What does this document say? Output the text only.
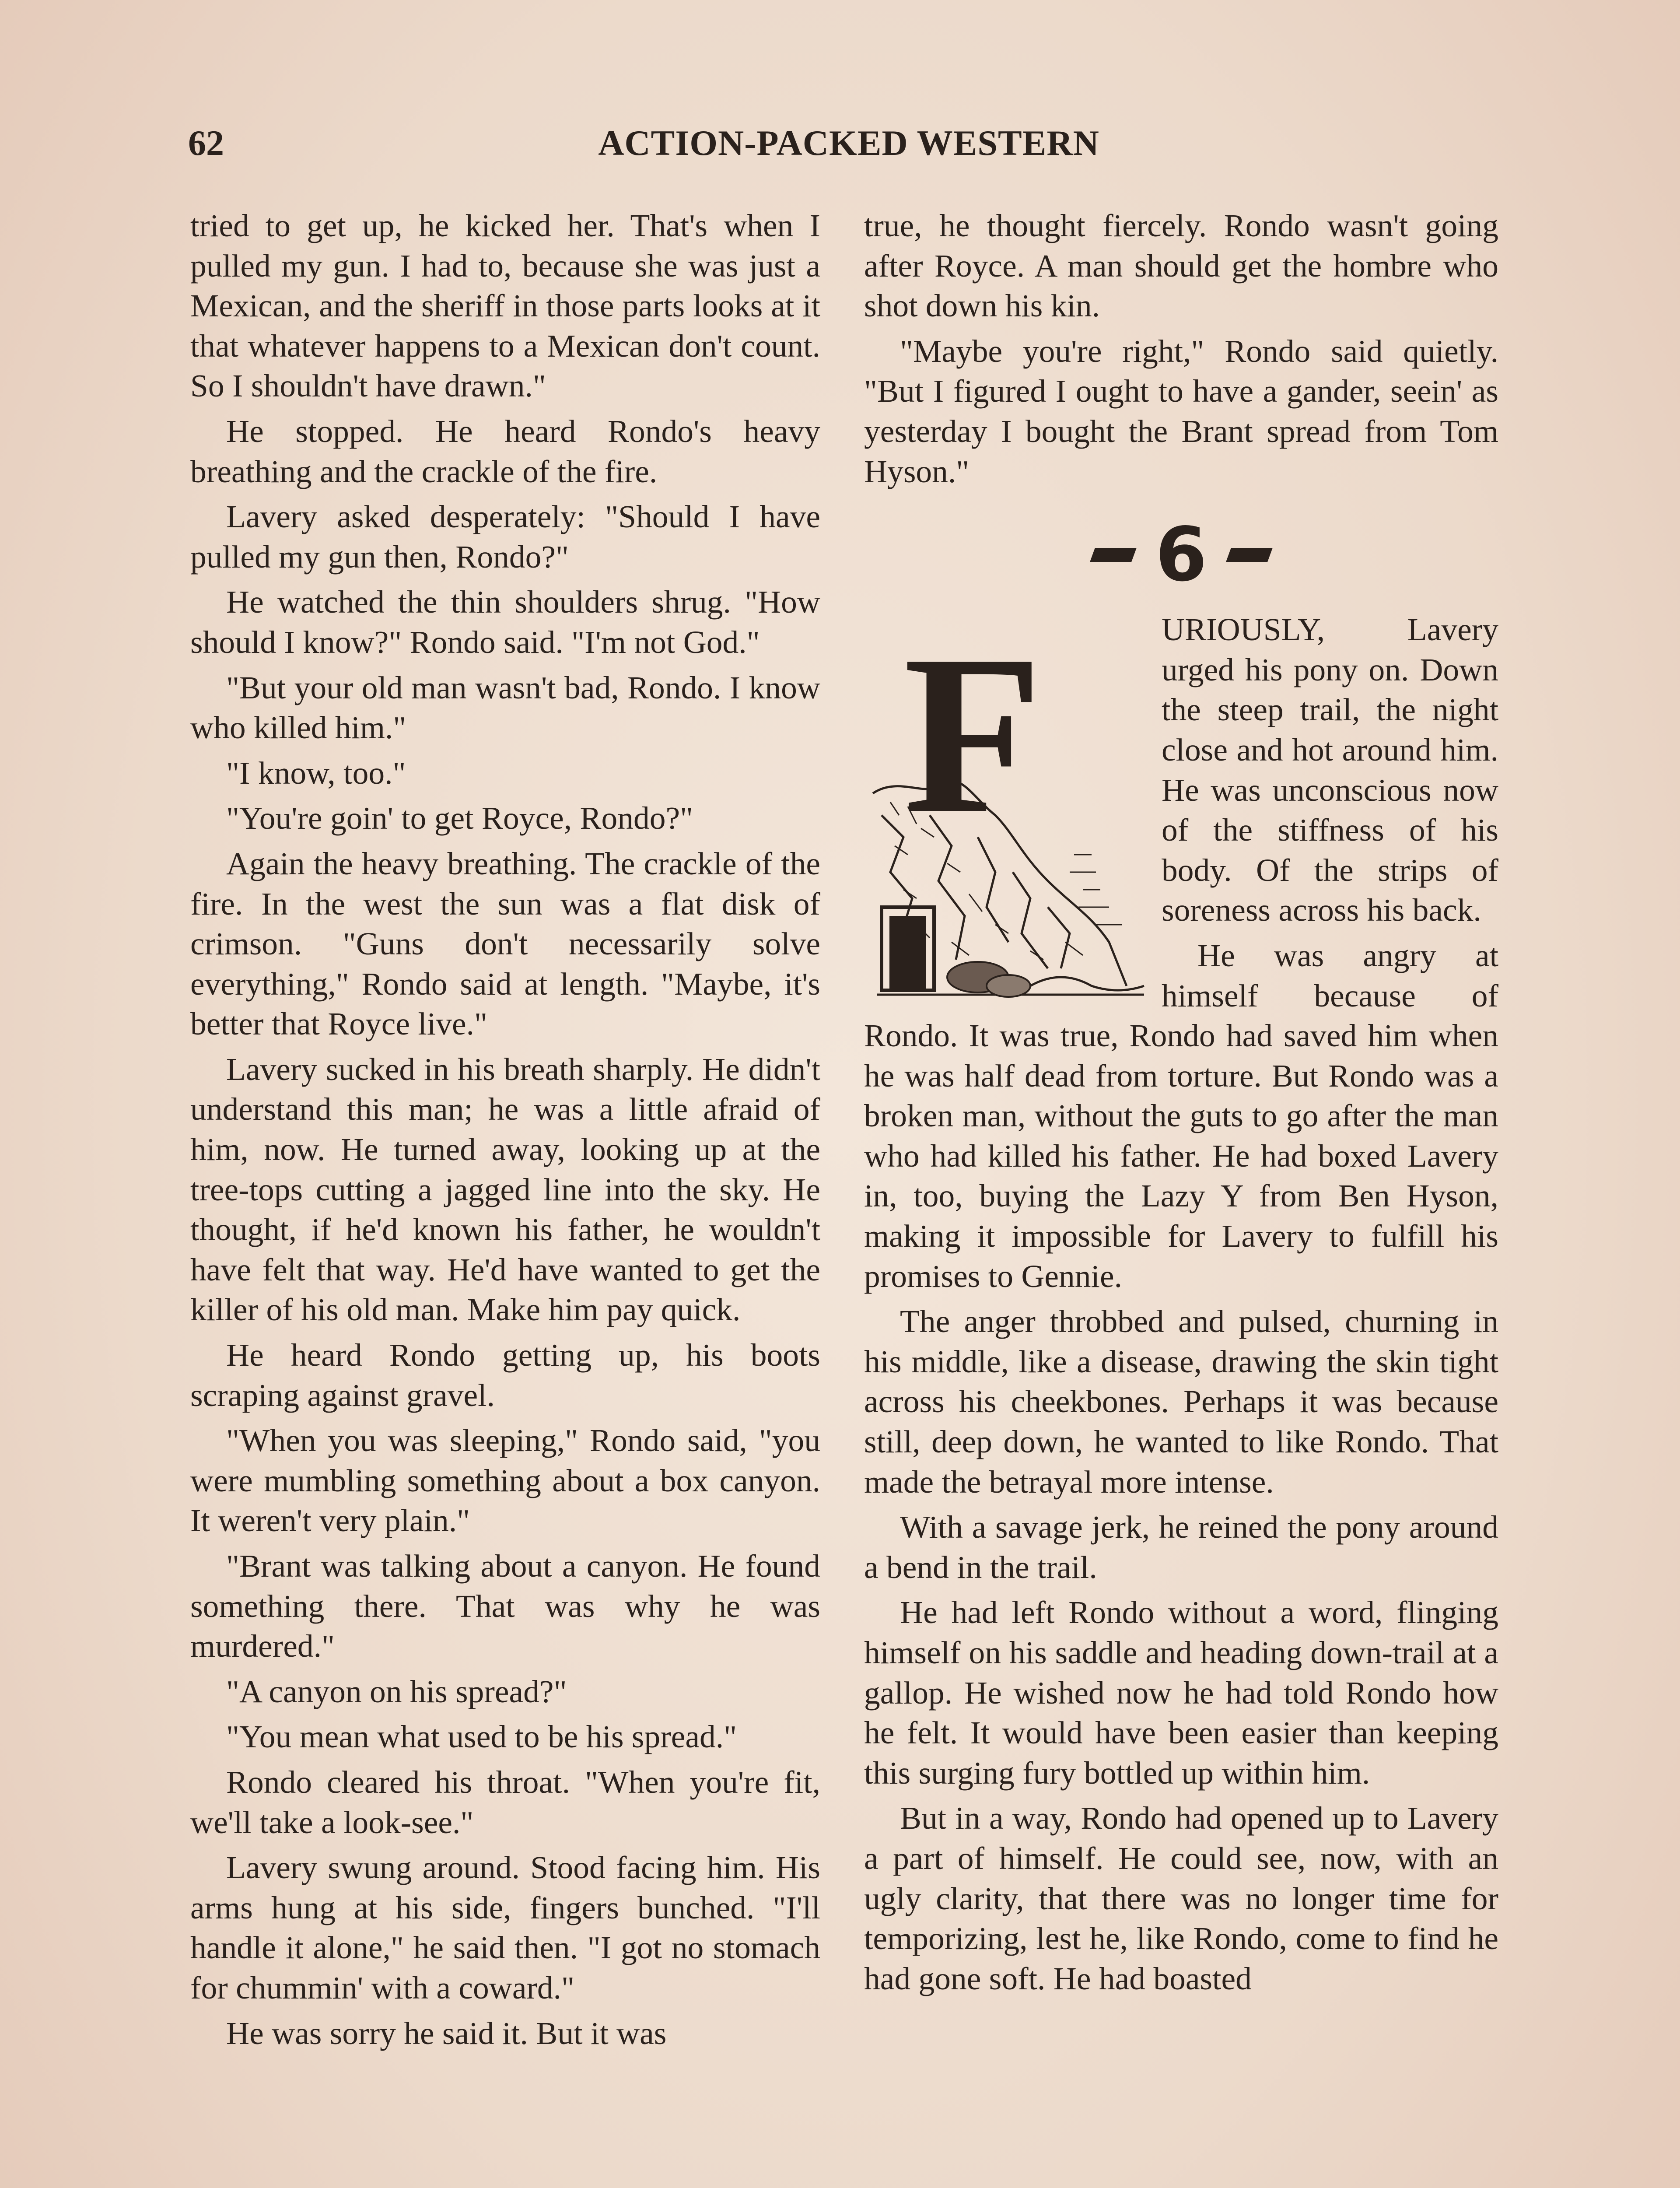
62	ACTION-PACKED WESTERN

tried to get up, he kicked her. That's when I pulled my gun. I had to, because she was just a Mexican, and the sheriff in those parts looks at it that whatever happens to a Mexican don't count. So I shouldn't have drawn."

He stopped. He heard Rondo's heavy breathing and the crackle of the fire.

Lavery asked desperately: "Should I have pulled my gun then, Rondo?"

He watched the thin shoulders shrug. "How should I know?" Rondo said. "I'm not God."

"But your old man wasn't bad, Rondo. I know who killed him."

"I know, too."

"You're goin' to get Royce, Rondo?"

Again the heavy breathing. The crackle of the fire. In the west the sun was a flat disk of crimson. "Guns don't necessarily solve everything," Rondo said at length. "Maybe, it's better that Royce live."

Lavery sucked in his breath sharply. He didn't understand this man; he was a little afraid of him, now. He turned away, looking up at the tree-tops cutting a jagged line into the sky. He thought, if he'd known his father, he wouldn't have felt that way. He'd have wanted to get the killer of his old man. Make him pay quick.

He heard Rondo getting up, his boots scraping against gravel.

"When you was sleeping," Rondo said, "you were mumbling something about a box canyon. It weren't very plain."

"Brant was talking about a canyon. He found something there. That was why he was murdered."

"A canyon on his spread?"

"You mean what used to be his spread."

Rondo cleared his throat. "When you're fit, we'll take a look-see."

Lavery swung around. Stood facing him. His arms hung at his side, fingers bunched. "I'll handle it alone," he said then. "I got no stomach for chummin' with a coward."

He was sorry he said it. But it was

true, he thought fiercely. Rondo wasn't going after Royce. A man should get the hombre who shot down his kin.

"Maybe you're right," Rondo said quietly. "But I figured I ought to have a gander, seein' as yesterday I bought the Brant spread from Tom Hyson."

6
F	URIOUSLY, Lavery urged his pony on. Down the steep trail, the night close and hot around him. He was unconscious now of the stiffness of his body. Of the strips of soreness across his back.

He was angry at himself because of Rondo. It was true, Rondo had saved him when he was half dead from torture. But Rondo was a broken man, without the guts to go after the man who had killed his father. He had boxed Lavery in, too, buying the Lazy Y from Ben Hyson, making it impossible for Lavery to fulfill his promises to Gennie.

The anger throbbed and pulsed, churning in his middle, like a disease, drawing the skin tight across his cheekbones. Perhaps it was because still, deep down, he wanted to like Rondo. That made the betrayal more intense.

With a savage jerk, he reined the pony around a bend in the trail.

He had left Rondo without a word, flinging himself on his saddle and heading down-trail at a gallop. He wished now he had told Rondo how he felt. It would have been easier than keeping this surging fury bottled up within him.

But in a way, Rondo had opened up to Lavery a part of himself. He could see, now, with an ugly clarity, that there was no longer time for temporizing, lest he, like Rondo, come to find he had gone soft. He had boasted
